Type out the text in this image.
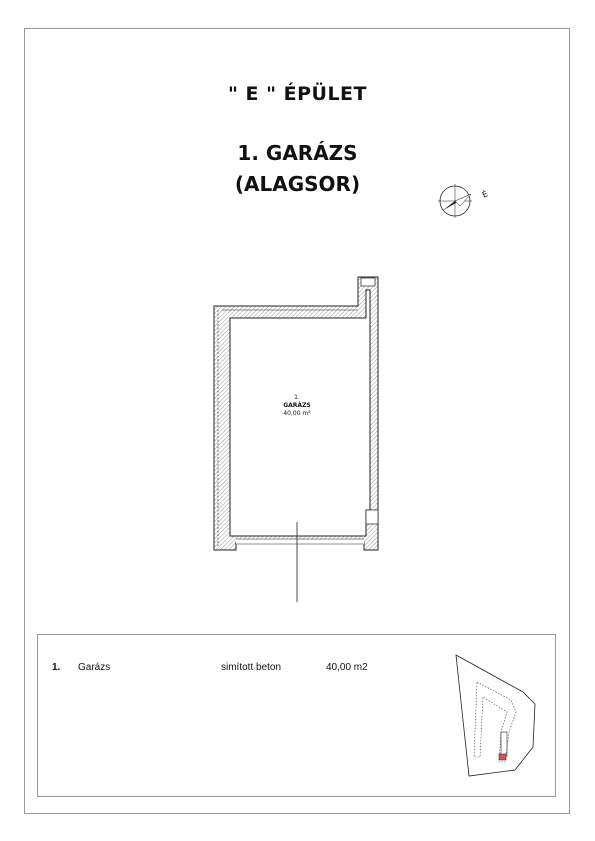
" E " ÉPÜLET
1. GARÁZS
(ALAGSOR)	É
1.
GARÁZS
40,00 m²
1. Garázs	simított beton	40,00 m2
